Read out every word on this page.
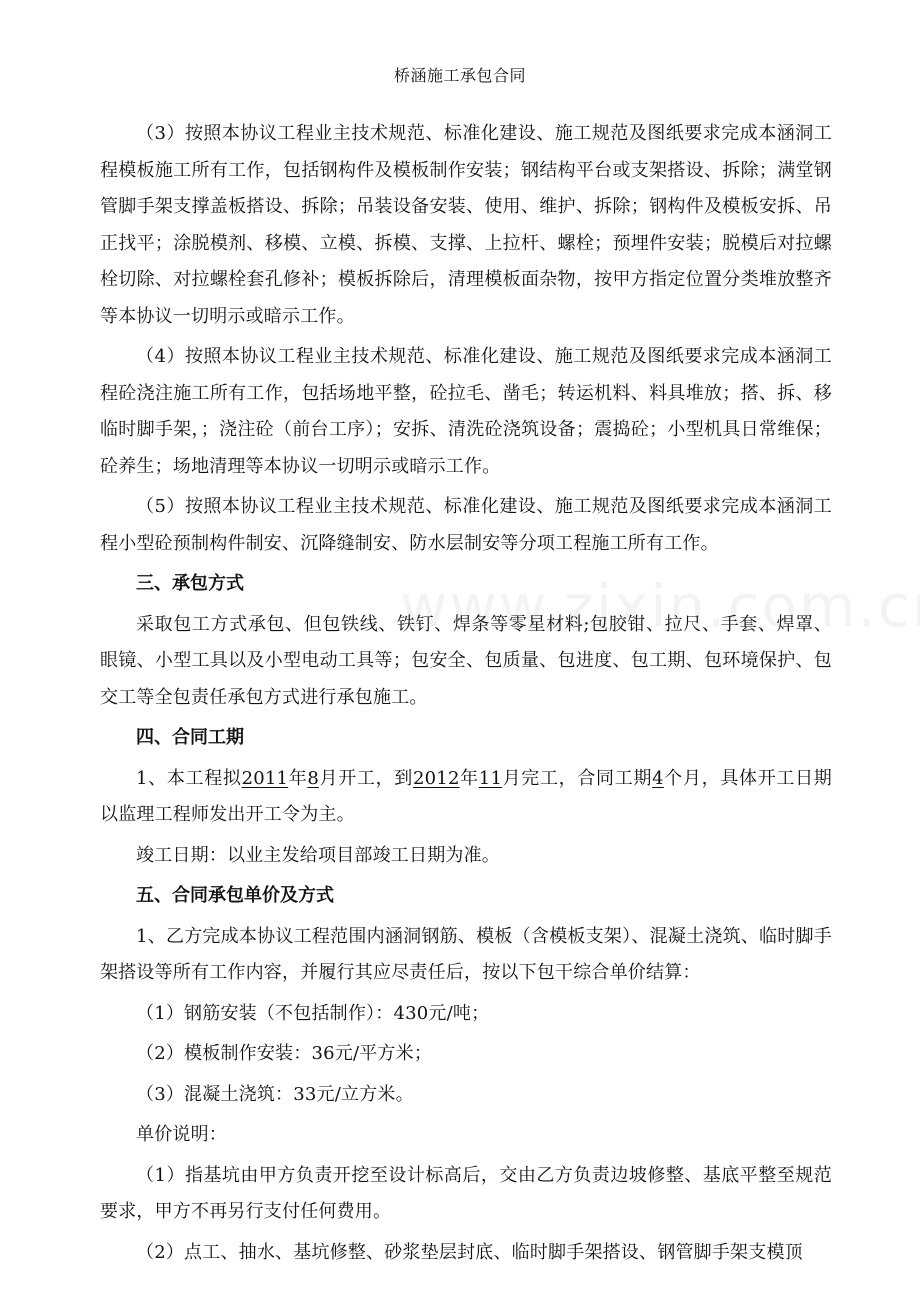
桥涵施工承包合同

（3）按照本协议工程业主技术规范、标准化建设、施工规范及图纸要求完成本涵洞工程模板施工所有工作，包括钢构件及模板制作安装；钢结构平台或支架搭设、拆除；满堂钢管脚手架支撑盖板搭设、拆除；吊装设备安装、使用、维护、拆除；钢构件及模板安拆、吊正找平；涂脱模剂、移模、立模、拆模、支撑、上拉杆、螺栓；预埋件安装；脱模后对拉螺栓切除、对拉螺栓套孔修补；模板拆除后，清理模板面杂物，按甲方指定位置分类堆放整齐等本协议一切明示或暗示工作。

（4）按照本协议工程业主技术规范、标准化建设、施工规范及图纸要求完成本涵洞工程砼浇注施工所有工作，包括场地平整，砼拉毛、凿毛；转运机料、料具堆放；搭、拆、移临时脚手架，；浇注砼（前台工序）；安拆、清洗砼浇筑设备；震捣砼；小型机具日常维保；砼养生；场地清理等本协议一切明示或暗示工作。

（5）按照本协议工程业主技术规范、标准化建设、施工规范及图纸要求完成本涵洞工程小型砼预制构件制安、沉降缝制安、防水层制安等分项工程施工所有工作。

三、承包方式

采取包工方式承包、但包铁线、铁钉、焊条等零星材料;包胶钳、拉尺、手套、焊罩、眼镜、小型工具以及小型电动工具等；包安全、包质量、包进度、包工期、包环境保护、包交工等全包责任承包方式进行承包施工。

四、合同工期

1、本工程拟2011年8月开工，到2012年11月完工，合同工期4个月，具体开工日期以监理工程师发出开工令为主。

竣工日期：以业主发给项目部竣工日期为准。

五、合同承包单价及方式

1、乙方完成本协议工程范围内涵洞钢筋、模板（含模板支架）、混凝土浇筑、临时脚手架搭设等所有工作内容，并履行其应尽责任后，按以下包干综合单价结算：

（1）钢筋安装（不包括制作）：430元/吨；

（2）模板制作安装：36元/平方米；

（3）混凝土浇筑：33元/立方米。

单价说明：

（1）指基坑由甲方负责开挖至设计标高后，交由乙方负责边坡修整、基底平整至规范要求，甲方不再另行支付任何费用。

（2）点工、抽水、基坑修整、砂浆垫层封底、临时脚手架搭设、钢管脚手架支模顶
